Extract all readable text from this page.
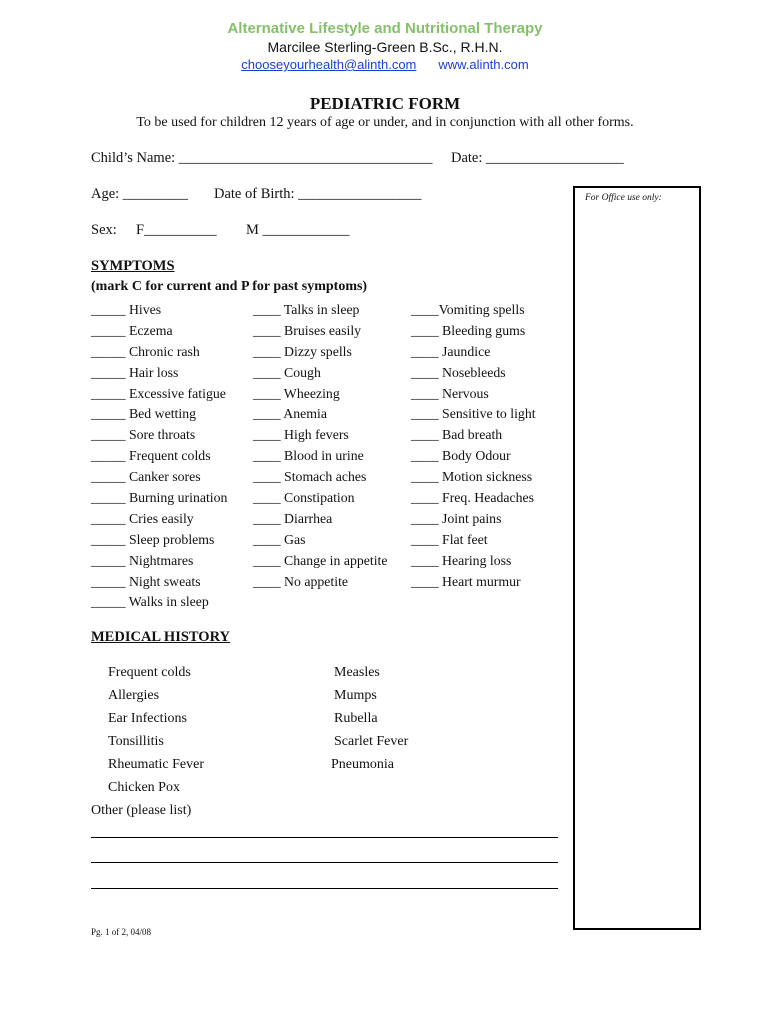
Alternative Lifestyle and Nutritional Therapy
Marcilee Sterling-Green B.Sc., R.H.N.
chooseyourhealth@alinth.com www.alinth.com
PEDIATRIC FORM
To be used for children 12 years of age or under, and in conjunction with all other forms.
Child’s Name: ___________________________________ Date: ___________________
Age: _________ Date of Birth: _________________
Sex: F__________ M ____________
For Office use only:
SYMPTOMS
(mark C for current and P for past symptoms)
_____ Hives
_____ Eczema
_____ Chronic rash
_____ Hair loss
_____ Excessive fatigue
_____ Bed wetting
_____ Sore throats
_____ Frequent colds
_____ Canker sores
_____ Burning urination
_____ Cries easily
_____ Sleep problems
_____ Nightmares
_____ Night sweats
_____ Walks in sleep
____ Talks in sleep
____ Bruises easily
____ Dizzy spells
____ Cough
____ Wheezing
____ Anemia
____ High fevers
____ Blood in urine
____ Stomach aches
____ Constipation
____ Diarrhea
____ Gas
____ Change in appetite
____ No appetite
____Vomiting spells
____ Bleeding gums
____ Jaundice
____ Nosebleeds
____ Nervous
____ Sensitive to light
____ Bad breath
____ Body Odour
____ Motion sickness
____ Freq. Headaches
____ Joint pains
____ Flat feet
____ Hearing loss
____ Heart murmur
MEDICAL HISTORY
Frequent colds
Allergies
Ear Infections
Tonsillitis
Rheumatic Fever
Chicken Pox
Measles
Mumps
Rubella
Scarlet Fever
Pneumonia
Other (please list)
Pg. 1 of 2, 04/08
